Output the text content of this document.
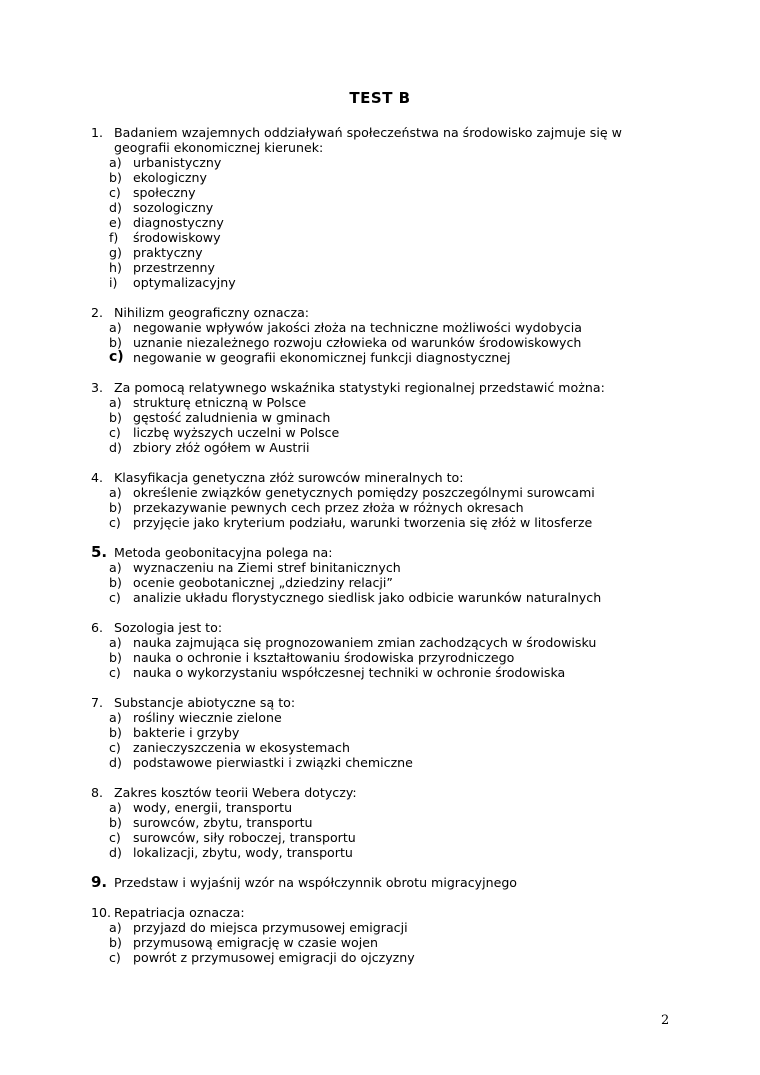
TEST B
1. Badaniem wzajemnych oddziaływań społeczeństwa na środowisko zajmuje się w geografii ekonomicznej kierunek:
a) urbanistyczny
b) ekologiczny
c) społeczny
d) sozologiczny
e) diagnostyczny
f)	środowiskowy
g) praktyczny
h) przestrzenny
i)	optymalizacyjny
2. Nihilizm geograficzny oznacza:
a) negowanie wpływów jakości złoża na techniczne możliwości wydobycia
b) uznanie niezależnego rozwoju człowieka od warunków środowiskowych
c) negowanie w geografii ekonomicznej funkcji diagnostycznej
3. Za pomocą relatywnego wskaźnika statystyki regionalnej przedstawić można:
a) strukturę etniczną w Polsce
b) gęstość zaludnienia w gminach
c) liczbę wyższych uczelni w Polsce
d) zbiory złóż ogółem w Austrii
4. Klasyfikacja genetyczna złóż surowców mineralnych to:
a) określenie związków genetycznych pomiędzy poszczególnymi surowcami
b) przekazywanie pewnych cech przez złoża w różnych okresach
c) przyjęcie jako kryterium podziału, warunki tworzenia się złóż w litosferze
5. Metoda geobonitacyjna polega na:
a) wyznaczeniu na Ziemi stref binitanicznych
b) ocenie geobotanicznej „dziedziny relacji”
c) analizie układu florystycznego siedlisk jako odbicie warunków naturalnych
6. Sozologia jest to:
a) nauka zajmująca się prognozowaniem zmian zachodzących w środowisku
b) nauka o ochronie i kształtowaniu środowiska przyrodniczego
c) nauka o wykorzystaniu współczesnej techniki w ochronie środowiska
7. Substancje abiotyczne są to:
a) rośliny wiecznie zielone
b) bakterie i grzyby
c) zanieczyszczenia w ekosystemach
d) podstawowe pierwiastki i związki chemiczne
8. Zakres kosztów teorii Webera dotyczy:
a) wody, energii, transportu
b) surowców, zbytu, transportu
c) surowców, siły roboczej, transportu
d) lokalizacji, zbytu, wody, transportu
9. Przedstaw i wyjaśnij wzór na współczynnik obrotu migracyjnego
10. Repatriacja oznacza:
a) przyjazd do miejsca przymusowej emigracji
b) przymusową emigrację w czasie wojen
c) powrót z przymusowej emigracji do ojczyzny
2
